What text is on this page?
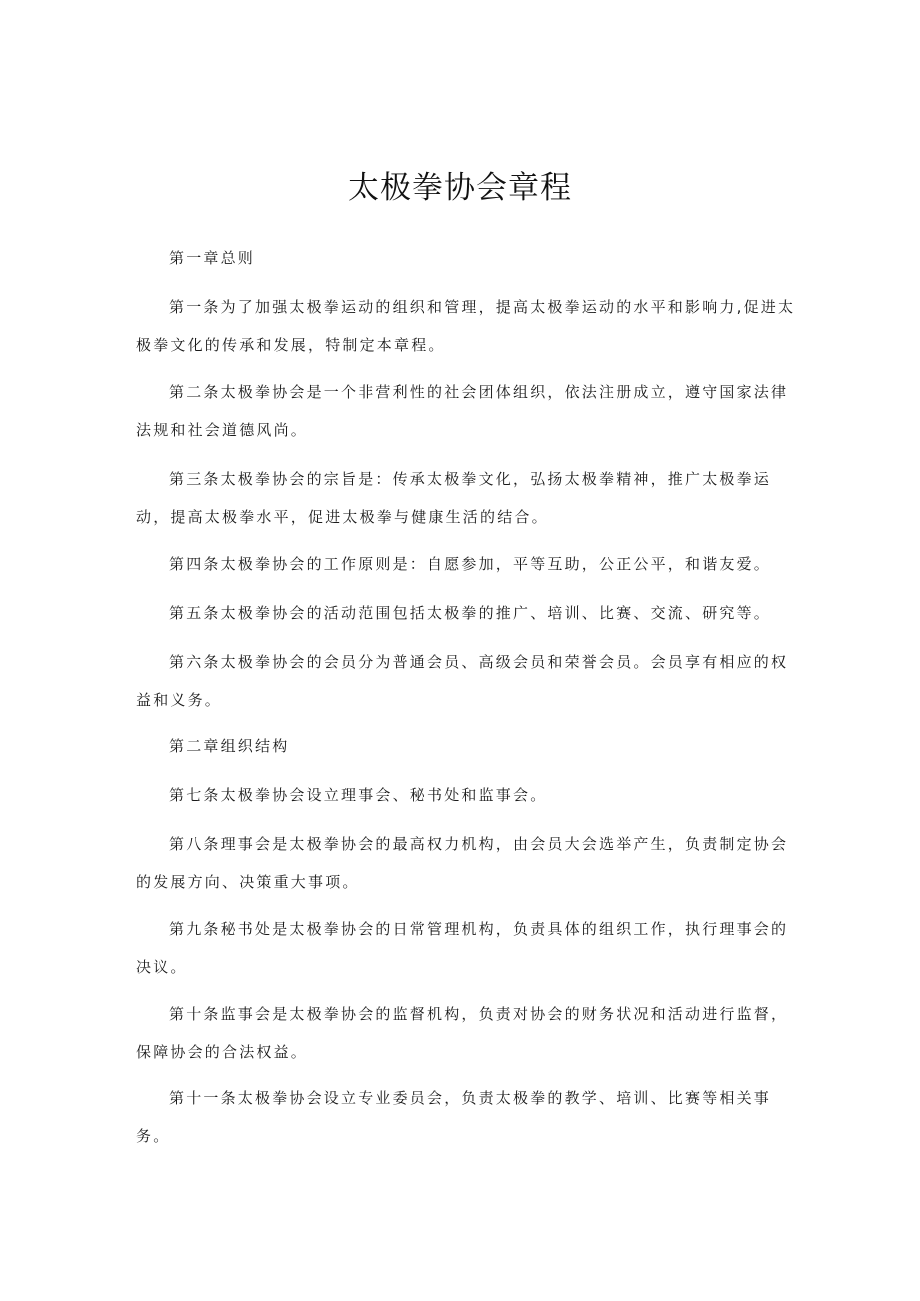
太极拳协会章程

第一章总则

第一条为了加强太极拳运动的组织和管理，提高太极拳运动的水平和影响力,促进太极拳文化的传承和发展，特制定本章程。

第二条太极拳协会是一个非营利性的社会团体组织，依法注册成立，遵守国家法律法规和社会道德风尚。

第三条太极拳协会的宗旨是：传承太极拳文化，弘扬太极拳精神，推广太极拳运动，提高太极拳水平，促进太极拳与健康生活的结合。

第四条太极拳协会的工作原则是：自愿参加，平等互助，公正公平，和谐友爱。

第五条太极拳协会的活动范围包括太极拳的推广、培训、比赛、交流、研究等。

第六条太极拳协会的会员分为普通会员、高级会员和荣誉会员。会员享有相应的权益和义务。

第二章组织结构

第七条太极拳协会设立理事会、秘书处和监事会。

第八条理事会是太极拳协会的最高权力机构，由会员大会选举产生，负责制定协会的发展方向、决策重大事项。

第九条秘书处是太极拳协会的日常管理机构，负责具体的组织工作，执行理事会的决议。

第十条监事会是太极拳协会的监督机构，负责对协会的财务状况和活动进行监督，保障协会的合法权益。

第十一条太极拳协会设立专业委员会，负责太极拳的教学、培训、比赛等相关事务。
